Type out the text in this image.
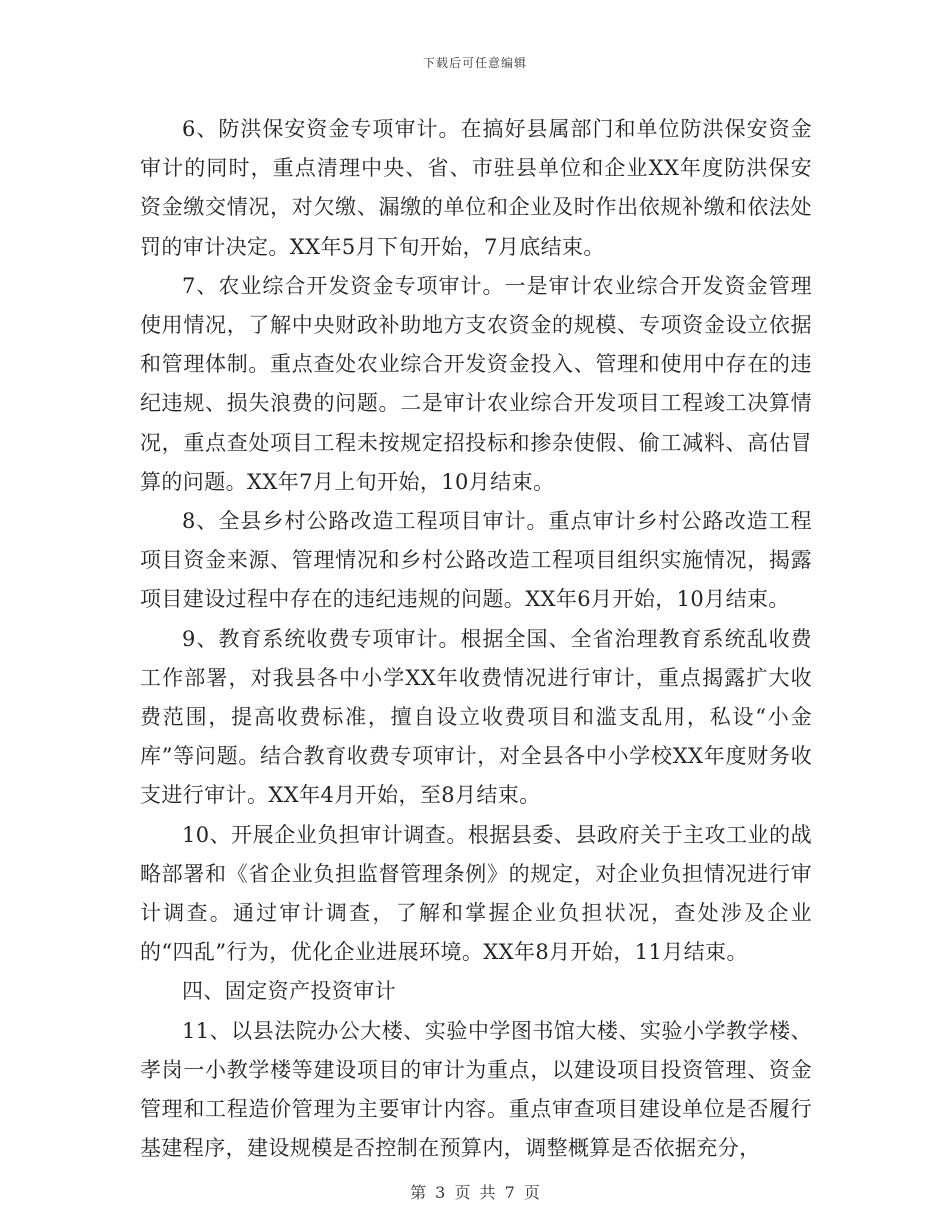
下载后可任意编辑

6、防洪保安资金专项审计。在搞好县属部门和单位防洪保安资金审计的同时，重点清理中央、省、市驻县单位和企业XX年度防洪保安资金缴交情况，对欠缴、漏缴的单位和企业及时作出依规补缴和依法处罚的审计决定。XX年5月下旬开始，7月底结束。

7、农业综合开发资金专项审计。一是审计农业综合开发资金管理使用情况，了解中央财政补助地方支农资金的规模、专项资金设立依据和管理体制。重点查处农业综合开发资金投入、管理和使用中存在的违纪违规、损失浪费的问题。二是审计农业综合开发项目工程竣工决算情况，重点查处项目工程未按规定招投标和掺杂使假、偷工减料、高估冒算的问题。XX年7月上旬开始，10月结束。

8、全县乡村公路改造工程项目审计。重点审计乡村公路改造工程项目资金来源、管理情况和乡村公路改造工程项目组织实施情况，揭露项目建设过程中存在的违纪违规的问题。XX年6月开始，10月结束。

9、教育系统收费专项审计。根据全国、全省治理教育系统乱收费工作部署，对我县各中小学XX年收费情况进行审计，重点揭露扩大收费范围，提高收费标准，擅自设立收费项目和滥支乱用，私设“小金库”等问题。结合教育收费专项审计，对全县各中小学校XX年度财务收支进行审计。XX年4月开始，至8月结束。

10、开展企业负担审计调查。根据县委、县政府关于主攻工业的战略部署和《省企业负担监督管理条例》的规定，对企业负担情况进行审计调查。通过审计调查，了解和掌握企业负担状况，查处涉及企业的“四乱”行为，优化企业进展环境。XX年8月开始，11月结束。

四、固定资产投资审计

11、以县法院办公大楼、实验中学图书馆大楼、实验小学教学楼、孝岗一小教学楼等建设项目的审计为重点，以建设项目投资管理、资金管理和工程造价管理为主要审计内容。重点审查项目建设单位是否履行基建程序，建设规模是否控制在预算内，调整概算是否依据充分，

第 3 页 共 7 页
